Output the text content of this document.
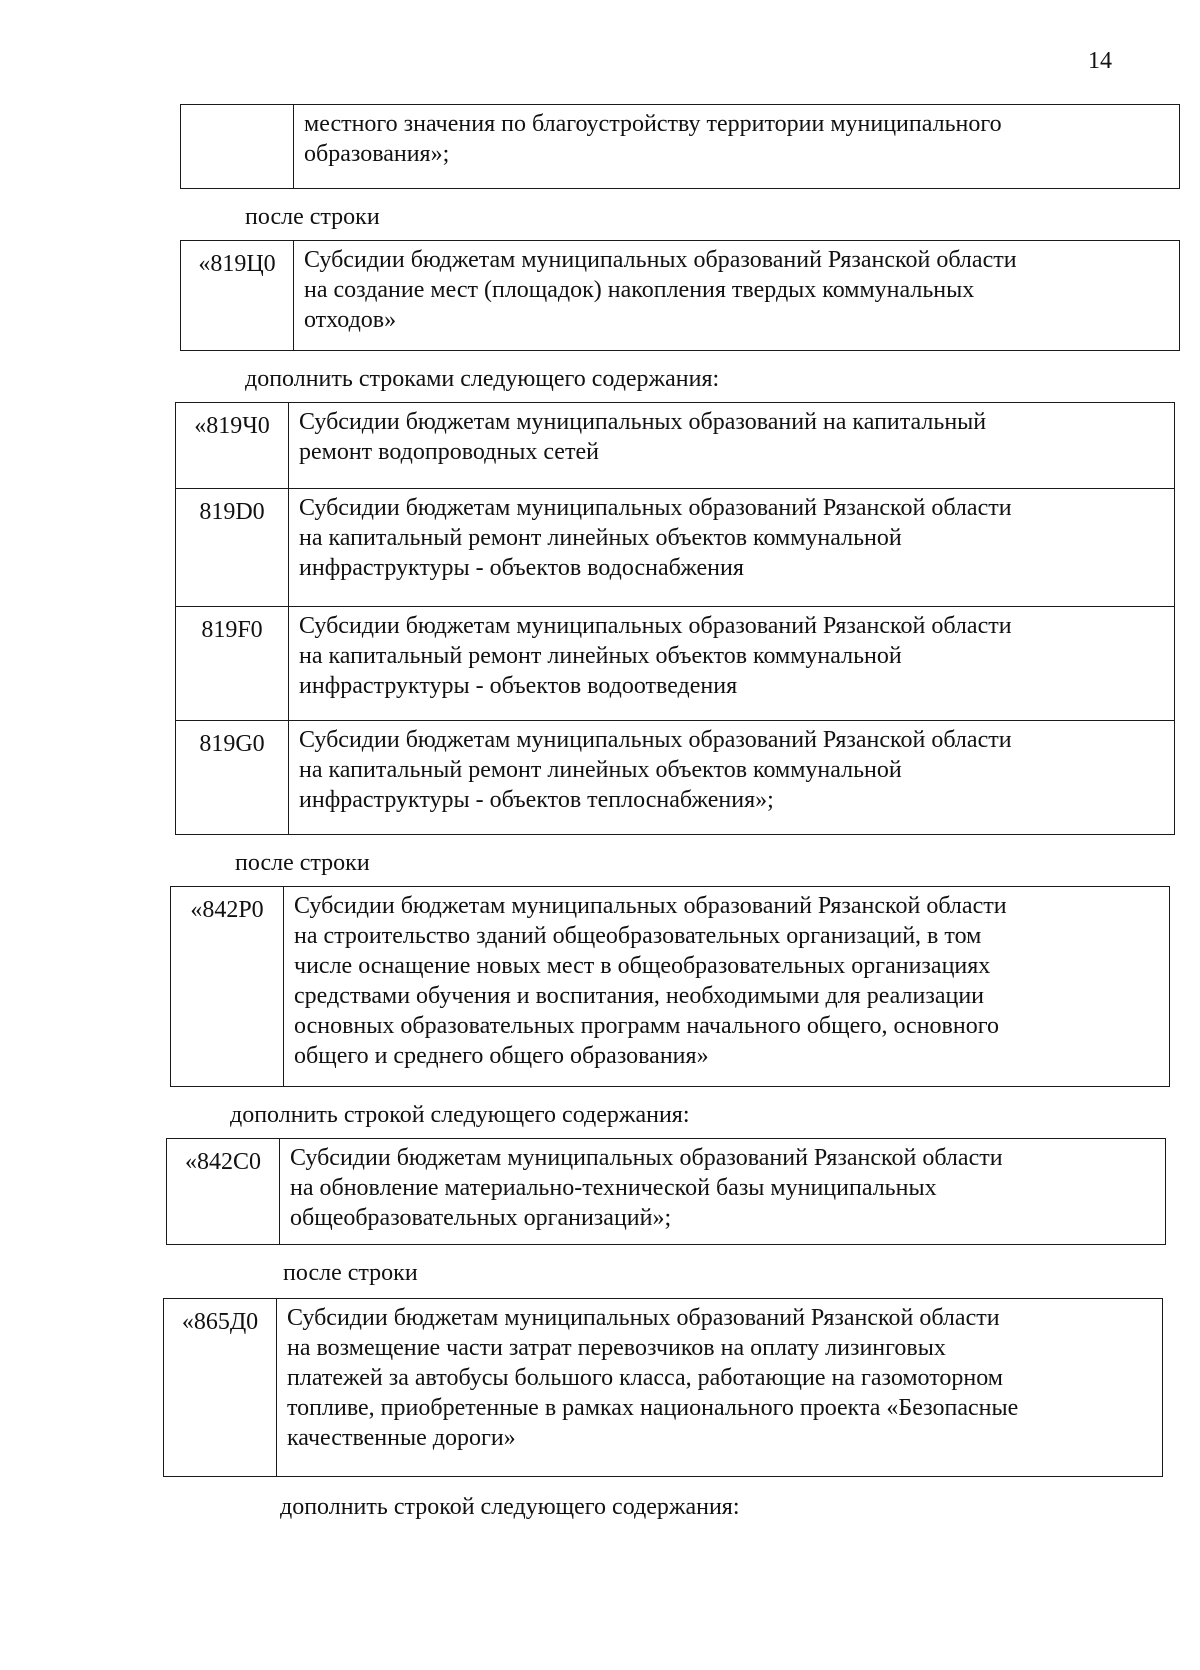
14

местного значения по благоустройству территории муниципального
образования»;
после строки
«819Ц0	Субсидии бюджетам муниципальных образований Рязанской области
на создание мест (площадок) накопления твердых коммунальных
отходов»
дополнить строками следующего содержания:
«819Ч0	Субсидии бюджетам муниципальных образований на капитальный
ремонт водопроводных сетей

819D0	Субсидии бюджетам муниципальных образований Рязанской области
на капитальный ремонт линейных объектов коммунальной
инфраструктуры - объектов водоснабжения

819F0	Субсидии бюджетам муниципальных образований Рязанской области
на капитальный ремонт линейных объектов коммунальной
инфраструктуры - объектов водоотведения

819G0	Субсидии бюджетам муниципальных образований Рязанской области
на капитальный ремонт линейных объектов коммунальной
инфраструктуры - объектов теплоснабжения»;
после строки
«842Р0	Субсидии бюджетам муниципальных образований Рязанской области
на строительство зданий общеобразовательных организаций, в том
числе оснащение новых мест в общеобразовательных организациях
средствами обучения и воспитания, необходимыми для реализации
основных образовательных программ начального общего, основного
общего и среднего общего образования»
дополнить строкой следующего содержания:
«842С0	Субсидии бюджетам муниципальных образований Рязанской области
на обновление материально-технической базы муниципальных
общеобразовательных организаций»;
после строки
«865Д0	Субсидии бюджетам муниципальных образований Рязанской области
на возмещение части затрат перевозчиков на оплату лизинговых
платежей за автобусы большого класса, работающие на газомоторном
топливе, приобретенные в рамках национального проекта «Безопасные
качественные дороги»
дополнить строкой следующего содержания:
